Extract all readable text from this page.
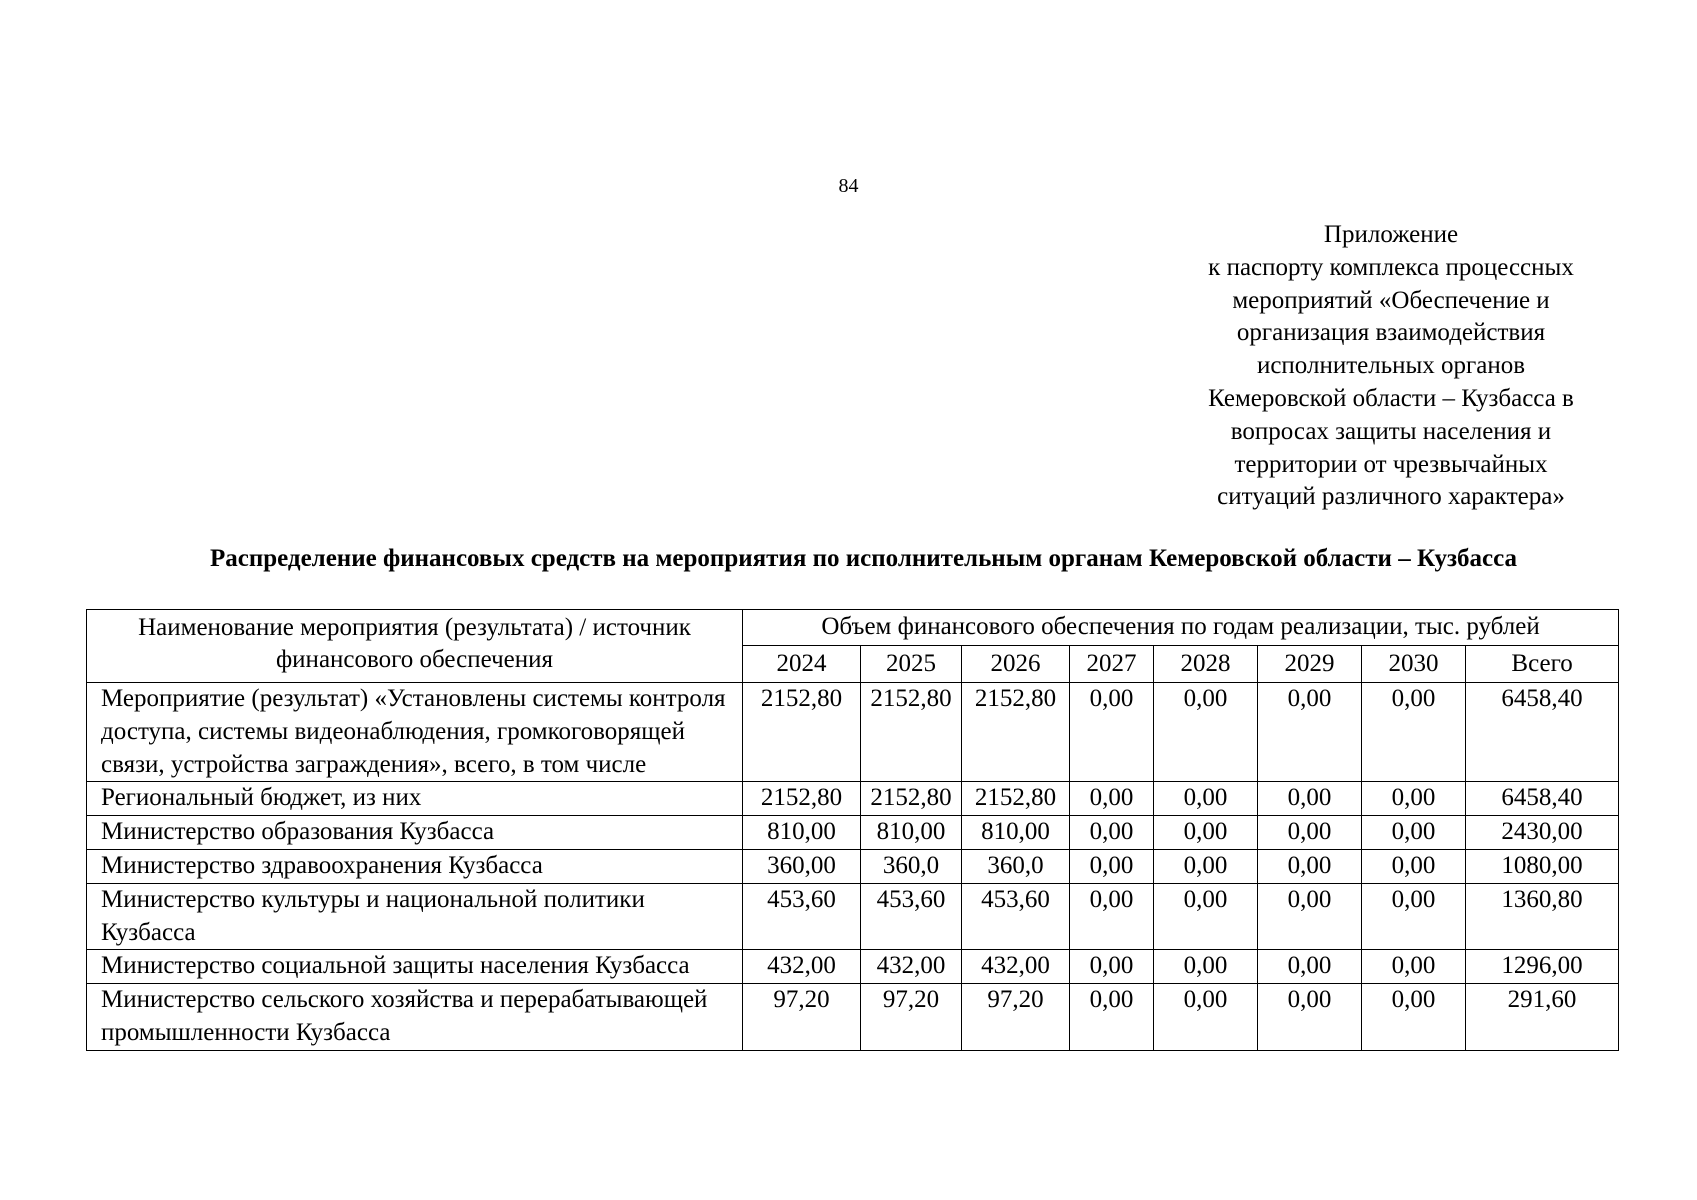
84
Приложение
к паспорту комплекса процессных
мероприятий «Обеспечение и
организация взаимодействия
исполнительных органов
Кемеровской области – Кузбасса в
вопросах защиты населения и
территории от чрезвычайных
ситуаций различного характера»
Распределение финансовых средств на мероприятия по исполнительным органам Кемеровской области – Кузбасса
Наименование мероприятия (результата) / источник финансового обеспечения	Объем финансового обеспечения по годам реализации, тыс. рублей							
	2024	2025	2026	2027	2028	2029	2030	Всего
Мероприятие (результат) «Установлены системы контроля доступа, системы видеонаблюдения, громкоговорящей связи, устройства заграждения», всего, в том числе	2152,80	2152,80	2152,80	0,00	0,00	0,00	0,00	6458,40
Региональный бюджет, из них	2152,80	2152,80	2152,80	0,00	0,00	0,00	0,00	6458,40
Министерство образования Кузбасса	810,00	810,00	810,00	0,00	0,00	0,00	0,00	2430,00
Министерство здравоохранения Кузбасса	360,00	360,0	360,0	0,00	0,00	0,00	0,00	1080,00
Министерство культуры и национальной политики Кузбасса	453,60	453,60	453,60	0,00	0,00	0,00	0,00	1360,80
Министерство социальной защиты населения Кузбасса	432,00	432,00	432,00	0,00	0,00	0,00	0,00	1296,00
Министерство сельского хозяйства и перерабатывающей промышленности Кузбасса	97,20	97,20	97,20	0,00	0,00	0,00	0,00	291,60
